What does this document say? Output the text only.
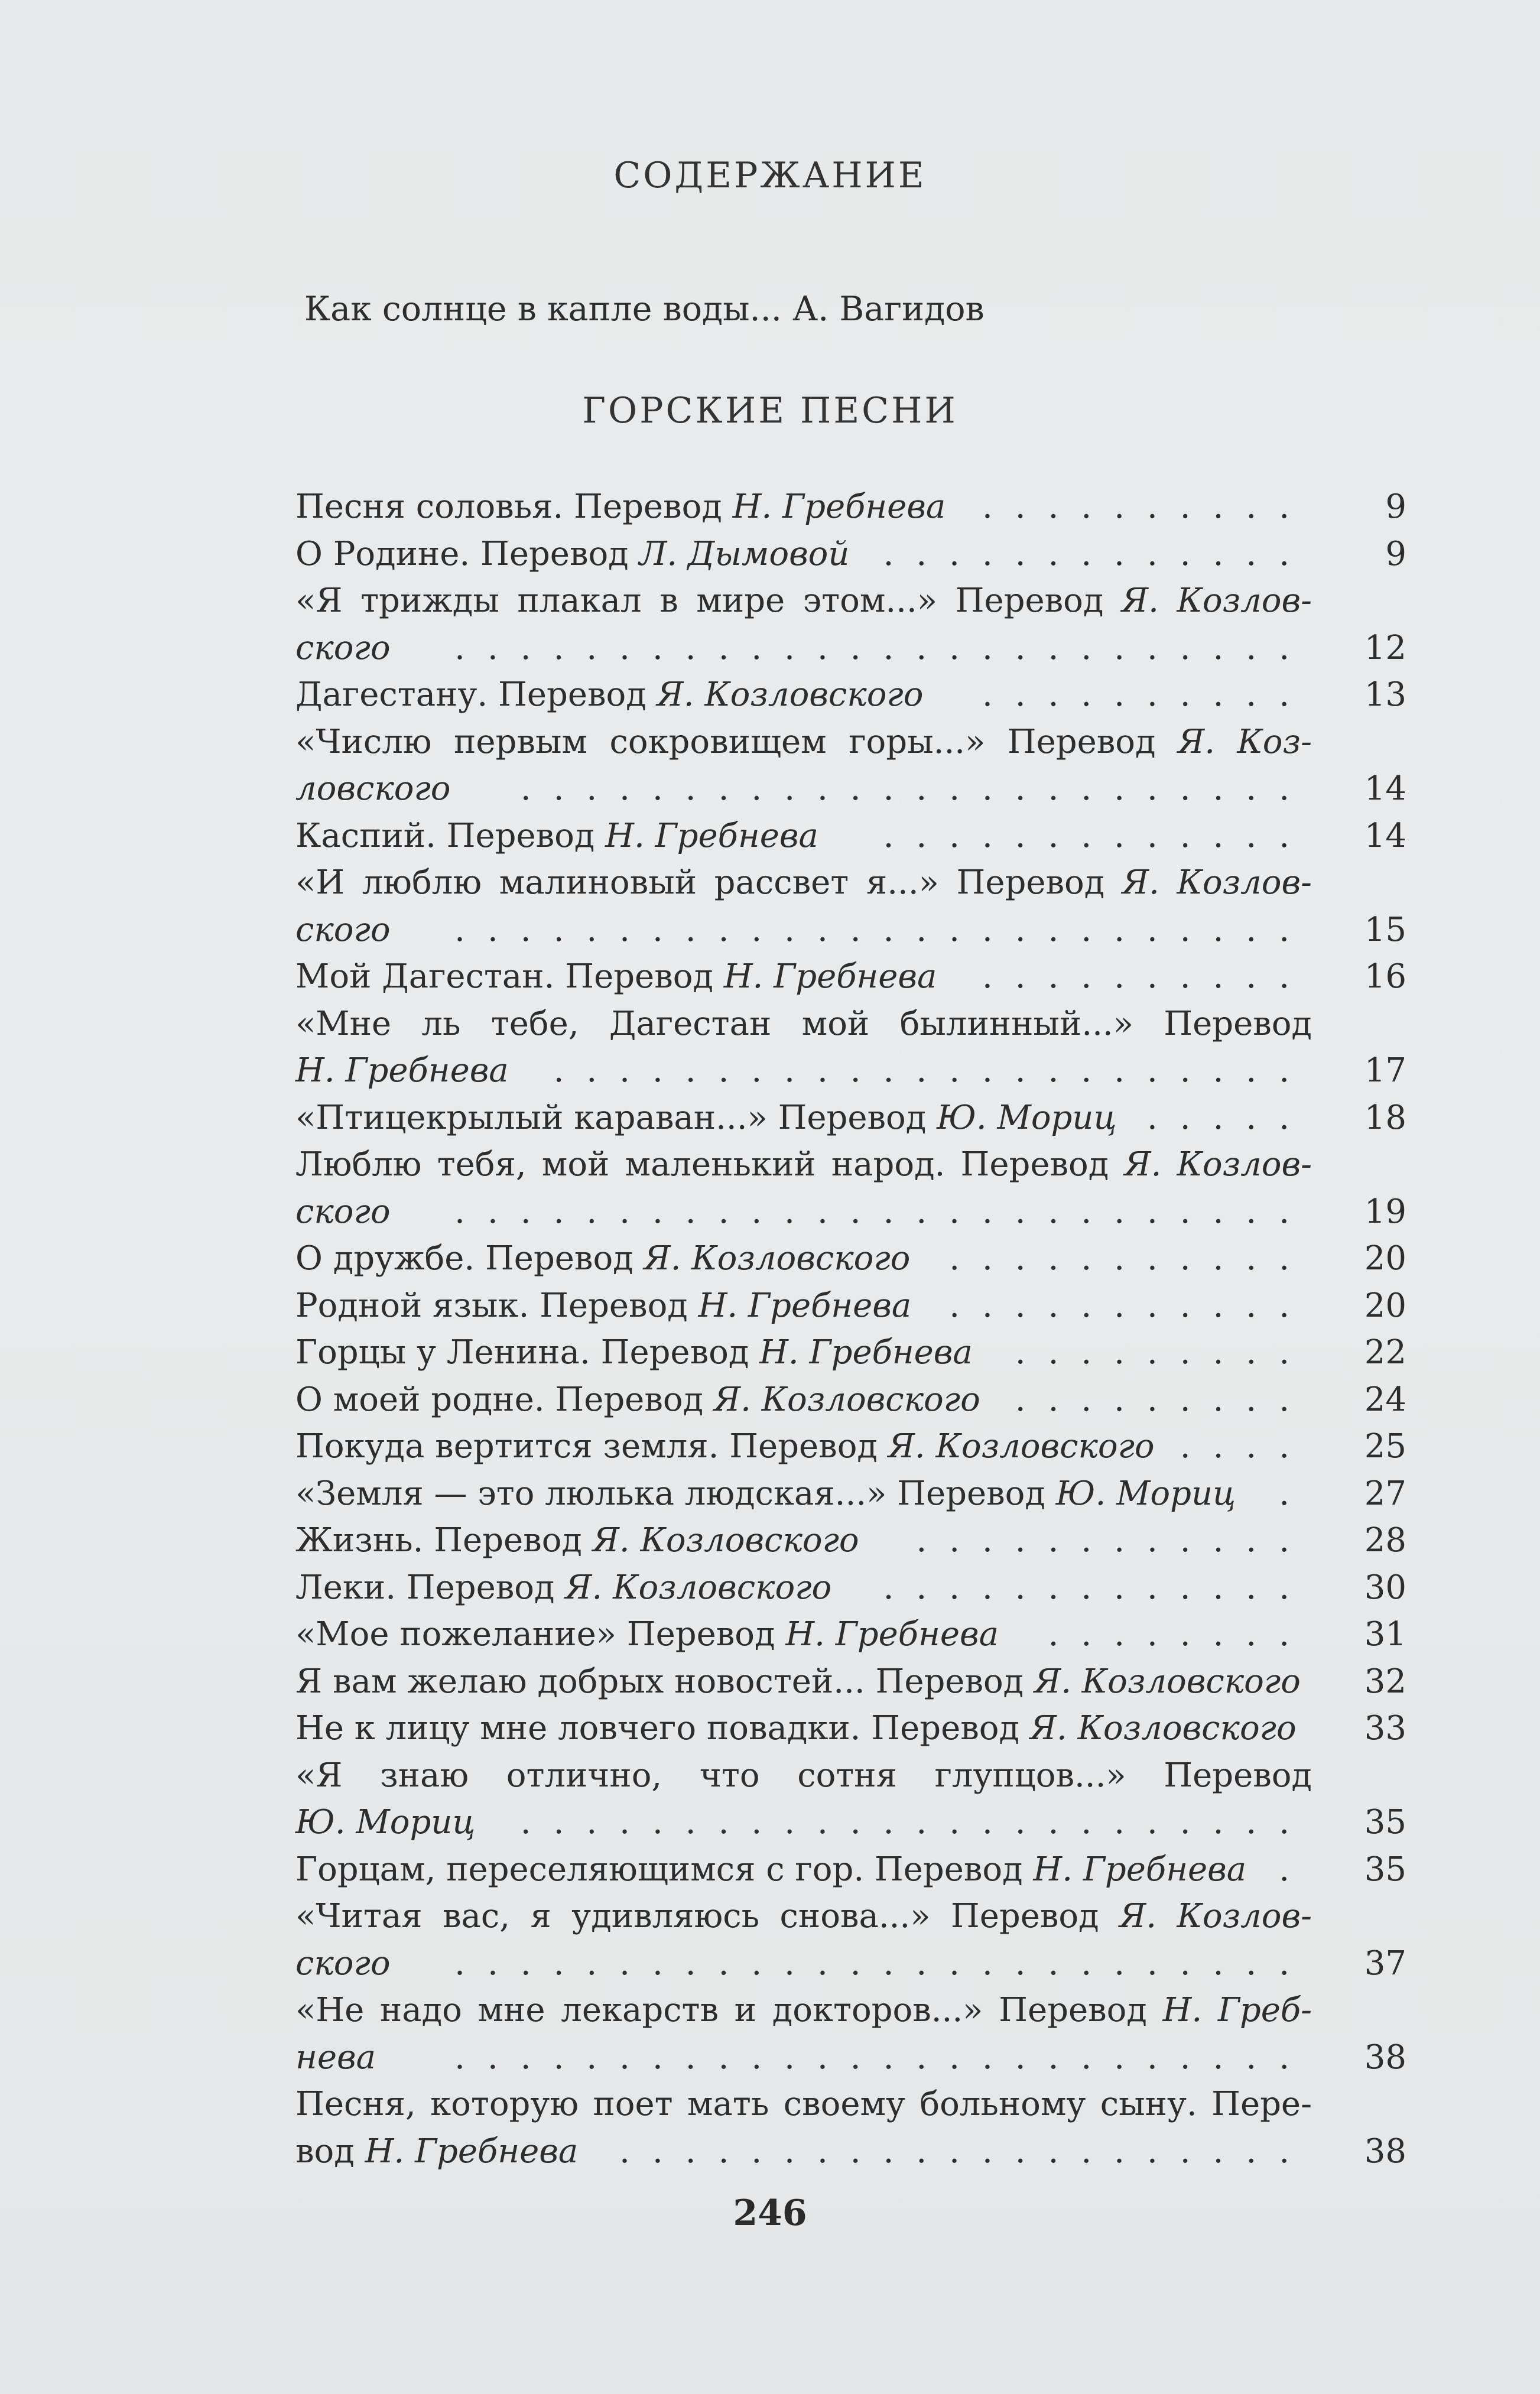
СОДЕРЖАНИЕ
Как солнце в капле воды... А. Вагидов
ГОРСКИЕ ПЕСНИ
Песня соловья. Перевод Н. Гребнева ..........	9
О Родине. Перевод Л. Дымовой .............	9
«Я трижды плакал в мире этом...» Перевод Я. Козлов-
ского ..........................	12
Дагестану. Перевод Я. Козловского ..........	13
«Числю первым сокровищем горы...» Перевод Я. Коз-
ловского ........................	14
Каспий. Перевод Н. Гребнева .............	14
«И люблю малиновый рассвет я...» Перевод Я. Козлов-
ского ..........................	15
Мой Дагестан. Перевод Н. Гребнева ..........	16
«Мне ль тебе, Дагестан мой былинный...» Перевод
Н. Гребнева .......................	17
«Птицекрылый караван...» Перевод Ю. Мориц .....	18
Люблю тебя, мой маленький народ. Перевод Я. Козлов-
ского ..........................	19
О дружбе. Перевод Я. Козловского ...........	20
Родной язык. Перевод Н. Гребнева ...........	20
Горцы у Ленина. Перевод Н. Гребнева .........	22
О моей родне. Перевод Я. Козловского .........	24
Покуда вертится земля. Перевод Я. Козловского ....	25
«Земля — это люлька людская...» Перевод Ю. Мориц .	27
Жизнь. Перевод Я. Козловского ............	28
Леки. Перевод Я. Козловского .............	30
«Мое пожелание» Перевод Н. Гребнева ........	31
Я вам желаю добрых новостей... Перевод Я. Козловского	32
Не к лицу мне ловчего повадки. Перевод Я. Козловского	33
«Я знаю отлично, что сотня глупцов...» Перевод
Ю. Мориц ........................	35
Горцам, переселяющимся с гор. Перевод Н. Гребнева .	35
«Читая вас, я удивляюсь снова...» Перевод Я. Козлов-
ского ..........................	37
«Не надо мне лекарств и докторов...» Перевод Н. Греб-
нева ..........................	38
Песня, которую поет мать своему больному сыну. Пере-
вод Н. Гребнева .....................	38
246
